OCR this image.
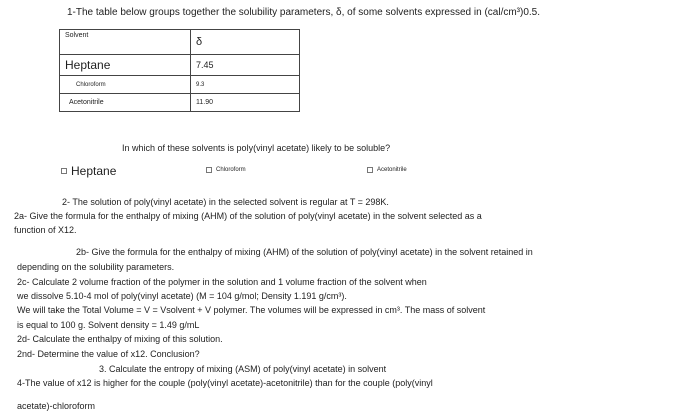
1-The table below groups together the solubility parameters, δ, of some solvents expressed in (cal/cm³)0.5.
Solvent	δ
Heptane	7.45
Chloroform	9.3
Acetonitrile	11.90
In which of these solvents is poly(vinyl acetate) likely to be soluble?
Heptane	Chloroform	Acetonitrile
2- The solution of poly(vinyl acetate) in the selected solvent is regular at T = 298K.
2a- Give the formula for the enthalpy of mixing (AHM) of the solution of poly(vinyl acetate) in the solvent selected as a
function of X12.
2b- Give the formula for the enthalpy of mixing (AHM) of the solution of poly(vinyl acetate) in the solvent retained in
depending on the solubility parameters.
2c- Calculate 2 volume fraction of the polymer in the solution and 1 volume fraction of the solvent when
we dissolve 5.10-4 mol of poly(vinyl acetate) (M = 104 g/mol; Density 1.191 g/cm³).
We will take the Total Volume = V = Vsolvent + V polymer. The volumes will be expressed in cm³. The mass of solvent
is equal to 100 g. Solvent density = 1.49 g/mL
2d- Calculate the enthalpy of mixing of this solution.
2nd- Determine the value of x12. Conclusion?
3. Calculate the entropy of mixing (ASM) of poly(vinyl acetate) in solvent
4-The value of x12 is higher for the couple (poly(vinyl acetate)-acetonitrile) than for the couple (poly(vinyl
acetate)-chloroform
